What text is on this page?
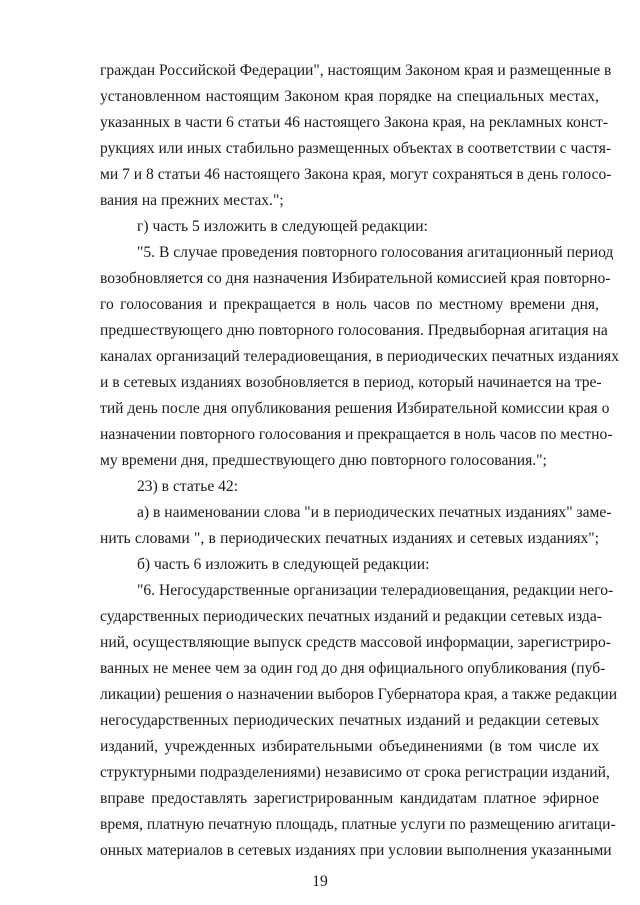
граждан Российской Федерации", настоящим Законом края и размещенные в
установленном настоящим Законом края порядке на специальных местах,
указанных в части 6 статьи 46 настоящего Закона края, на рекламных конст-
рукциях или иных стабильно размещенных объектах в соответствии с частя-
ми 7 и 8 статьи 46 настоящего Закона края, могут сохраняться в день голосо-
вания на прежних местах.";
г) часть 5 изложить в следующей редакции:
"5. В случае проведения повторного голосования агитационный период
возобновляется со дня назначения Избирательной комиссией края повторно-
го голосования и прекращается в ноль часов по местному времени дня,
предшествующего дню повторного голосования. Предвыборная агитация на
каналах организаций телерадиовещания, в периодических печатных изданиях
и в сетевых изданиях возобновляется в период, который начинается на тре-
тий день после дня опубликования решения Избирательной комиссии края о
назначении повторного голосования и прекращается в ноль часов по местно-
му времени дня, предшествующего дню повторного голосования.";
23) в статье 42:
а) в наименовании слова "и в периодических печатных изданиях" заме-
нить словами ", в периодических печатных изданиях и сетевых изданиях";
б) часть 6 изложить в следующей редакции:
"6. Негосударственные организации телерадиовещания, редакции него-
сударственных периодических печатных изданий и редакции сетевых изда-
ний, осуществляющие выпуск средств массовой информации, зарегистриро-
ванных не менее чем за один год до дня официального опубликования (пуб-
ликации) решения о назначении выборов Губернатора края, а также редакции
негосударственных периодических печатных изданий и редакции сетевых
изданий, учрежденных избирательными объединениями (в том числе их
структурными подразделениями) независимо от срока регистрации изданий,
вправе предоставлять зарегистрированным кандидатам платное эфирное
время, платную печатную площадь, платные услуги по размещению агитаци-
онных материалов в сетевых изданиях при условии выполнения указанными
19
